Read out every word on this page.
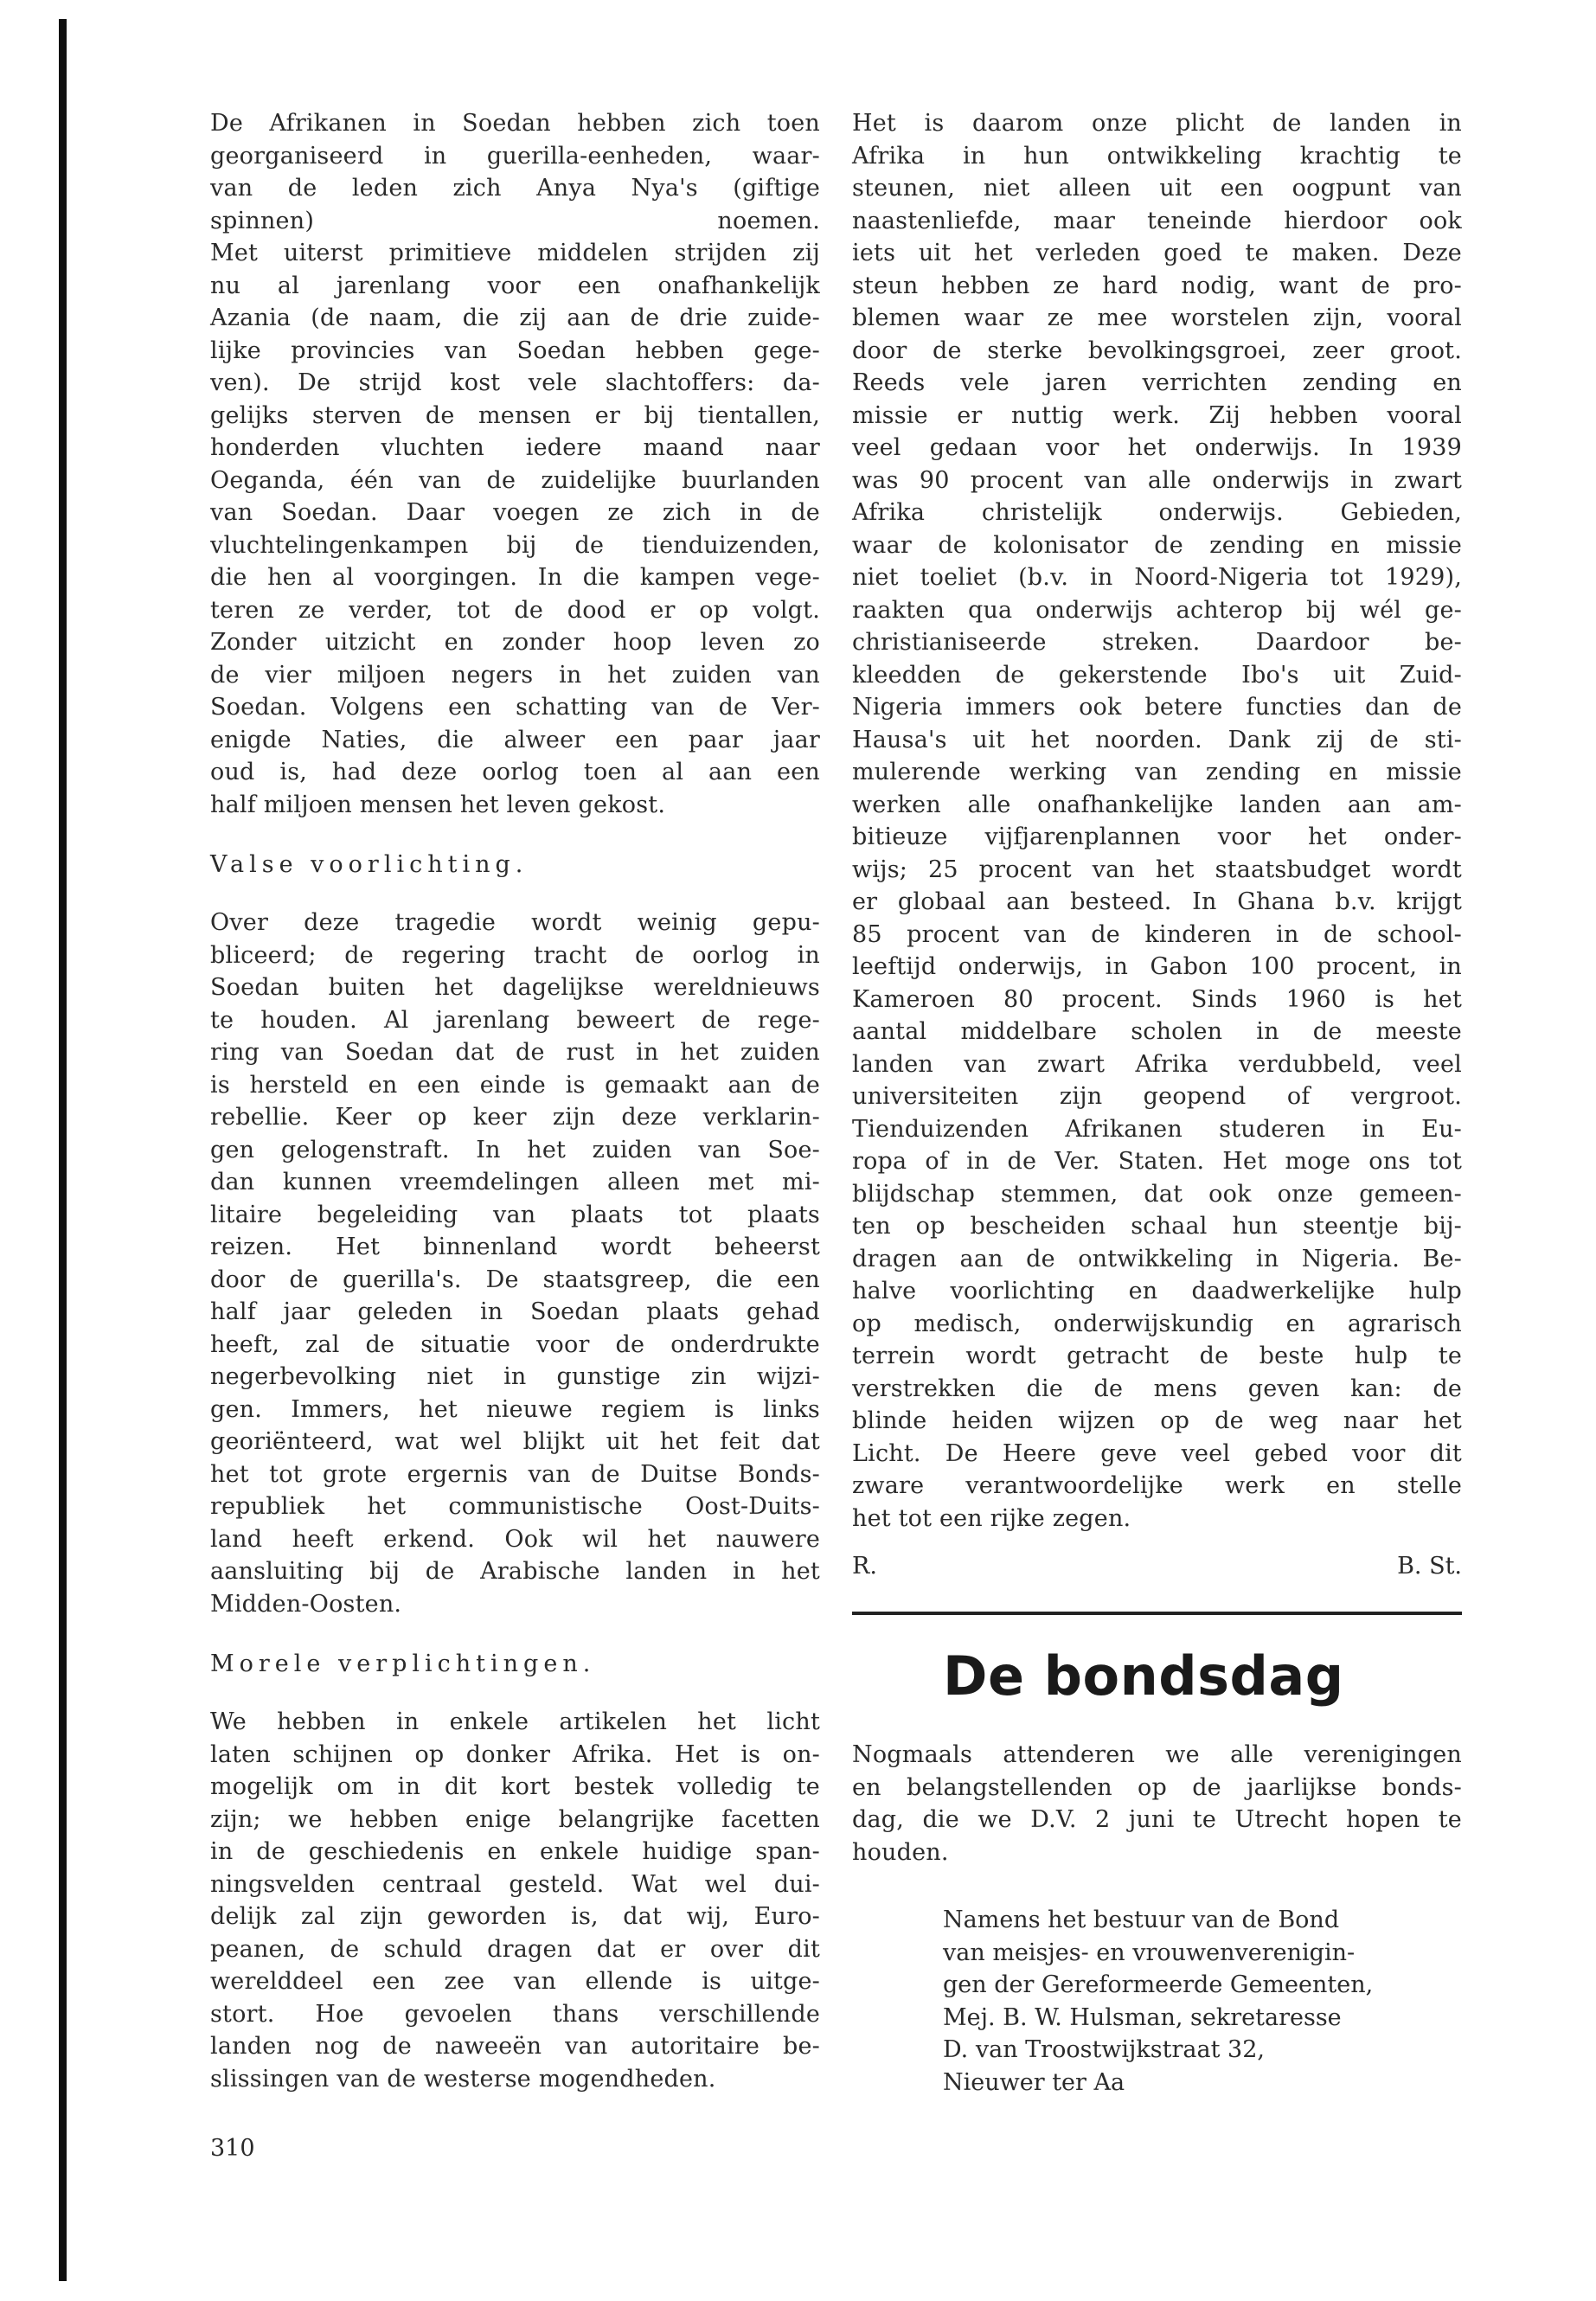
De Afrikanen in Soedan hebben zich toen
georganiseerd in guerilla-eenheden, waar-
van de leden zich Anya Nya's (giftige
spinnen) noemen.
Met uiterst primitieve middelen strijden zij
nu al jarenlang voor een onafhankelijk
Azania (de naam, die zij aan de drie zuide-
lijke provincies van Soedan hebben gege-
ven). De strijd kost vele slachtoffers: da-
gelijks sterven de mensen er bij tientallen,
honderden vluchten iedere maand naar
Oeganda, één van de zuidelijke buurlanden
van Soedan. Daar voegen ze zich in de
vluchtelingenkampen bij de tienduizenden,
die hen al voorgingen. In die kampen vege-
teren ze verder, tot de dood er op volgt.
Zonder uitzicht en zonder hoop leven zo
de vier miljoen negers in het zuiden van
Soedan. Volgens een schatting van de Ver-
enigde Naties, die alweer een paar jaar
oud is, had deze oorlog toen al aan een
half miljoen mensen het leven gekost.
Valse voorlichting.
Over deze tragedie wordt weinig gepu-
bliceerd; de regering tracht de oorlog in
Soedan buiten het dagelijkse wereldnieuws
te houden. Al jarenlang beweert de rege-
ring van Soedan dat de rust in het zuiden
is hersteld en een einde is gemaakt aan de
rebellie. Keer op keer zijn deze verklarin-
gen gelogenstraft. In het zuiden van Soe-
dan kunnen vreemdelingen alleen met mi-
litaire begeleiding van plaats tot plaats
reizen. Het binnenland wordt beheerst
door de guerilla's. De staatsgreep, die een
half jaar geleden in Soedan plaats gehad
heeft, zal de situatie voor de onderdrukte
negerbevolking niet in gunstige zin wijzi-
gen. Immers, het nieuwe regiem is links
georiënteerd, wat wel blijkt uit het feit dat
het tot grote ergernis van de Duitse Bonds-
republiek het communistische Oost-Duits-
land heeft erkend. Ook wil het nauwere
aansluiting bij de Arabische landen in het
Midden-Oosten.
Morele verplichtingen.
We hebben in enkele artikelen het licht
laten schijnen op donker Afrika. Het is on-
mogelijk om in dit kort bestek volledig te
zijn; we hebben enige belangrijke facetten
in de geschiedenis en enkele huidige span-
ningsvelden centraal gesteld. Wat wel dui-
delijk zal zijn geworden is, dat wij, Euro-
peanen, de schuld dragen dat er over dit
werelddeel een zee van ellende is uitge-
stort. Hoe gevoelen thans verschillende
landen nog de naweeën van autoritaire be-
slissingen van de westerse mogendheden.
Het is daarom onze plicht de landen in
Afrika in hun ontwikkeling krachtig te
steunen, niet alleen uit een oogpunt van
naastenliefde, maar teneinde hierdoor ook
iets uit het verleden goed te maken. Deze
steun hebben ze hard nodig, want de pro-
blemen waar ze mee worstelen zijn, vooral
door de sterke bevolkingsgroei, zeer groot.
Reeds vele jaren verrichten zending en
missie er nuttig werk. Zij hebben vooral
veel gedaan voor het onderwijs. In 1939
was 90 procent van alle onderwijs in zwart
Afrika christelijk onderwijs. Gebieden,
waar de kolonisator de zending en missie
niet toeliet (b.v. in Noord-Nigeria tot 1929),
raakten qua onderwijs achterop bij wél ge-
christianiseerde streken. Daardoor be-
kleedden de gekerstende Ibo's uit Zuid-
Nigeria immers ook betere functies dan de
Hausa's uit het noorden. Dank zij de sti-
mulerende werking van zending en missie
werken alle onafhankelijke landen aan am-
bitieuze vijfjarenplannen voor het onder-
wijs; 25 procent van het staatsbudget wordt
er globaal aan besteed. In Ghana b.v. krijgt
85 procent van de kinderen in de school-
leeftijd onderwijs, in Gabon 100 procent, in
Kameroen 80 procent. Sinds 1960 is het
aantal middelbare scholen in de meeste
landen van zwart Afrika verdubbeld, veel
universiteiten zijn geopend of vergroot.
Tienduizenden Afrikanen studeren in Eu-
ropa of in de Ver. Staten. Het moge ons tot
blijdschap stemmen, dat ook onze gemeen-
ten op bescheiden schaal hun steentje bij-
dragen aan de ontwikkeling in Nigeria. Be-
halve voorlichting en daadwerkelijke hulp
op medisch, onderwijskundig en agrarisch
terrein wordt getracht de beste hulp te
verstrekken die de mens geven kan: de
blinde heiden wijzen op de weg naar het
Licht. De Heere geve veel gebed voor dit
zware verantwoordelijke werk en stelle
het tot een rijke zegen.
R.	B. St.
De bondsdag
Nogmaals attenderen we alle verenigingen
en belangstellenden op de jaarlijkse bonds-
dag, die we D.V. 2 juni te Utrecht hopen te
houden.
Namens het bestuur van de Bond
van meisjes- en vrouwenverenigin-
gen der Gereformeerde Gemeenten,
Mej. B. W. Hulsman, sekretaresse
D. van Troostwijkstraat 32,
Nieuwer ter Aa
310
